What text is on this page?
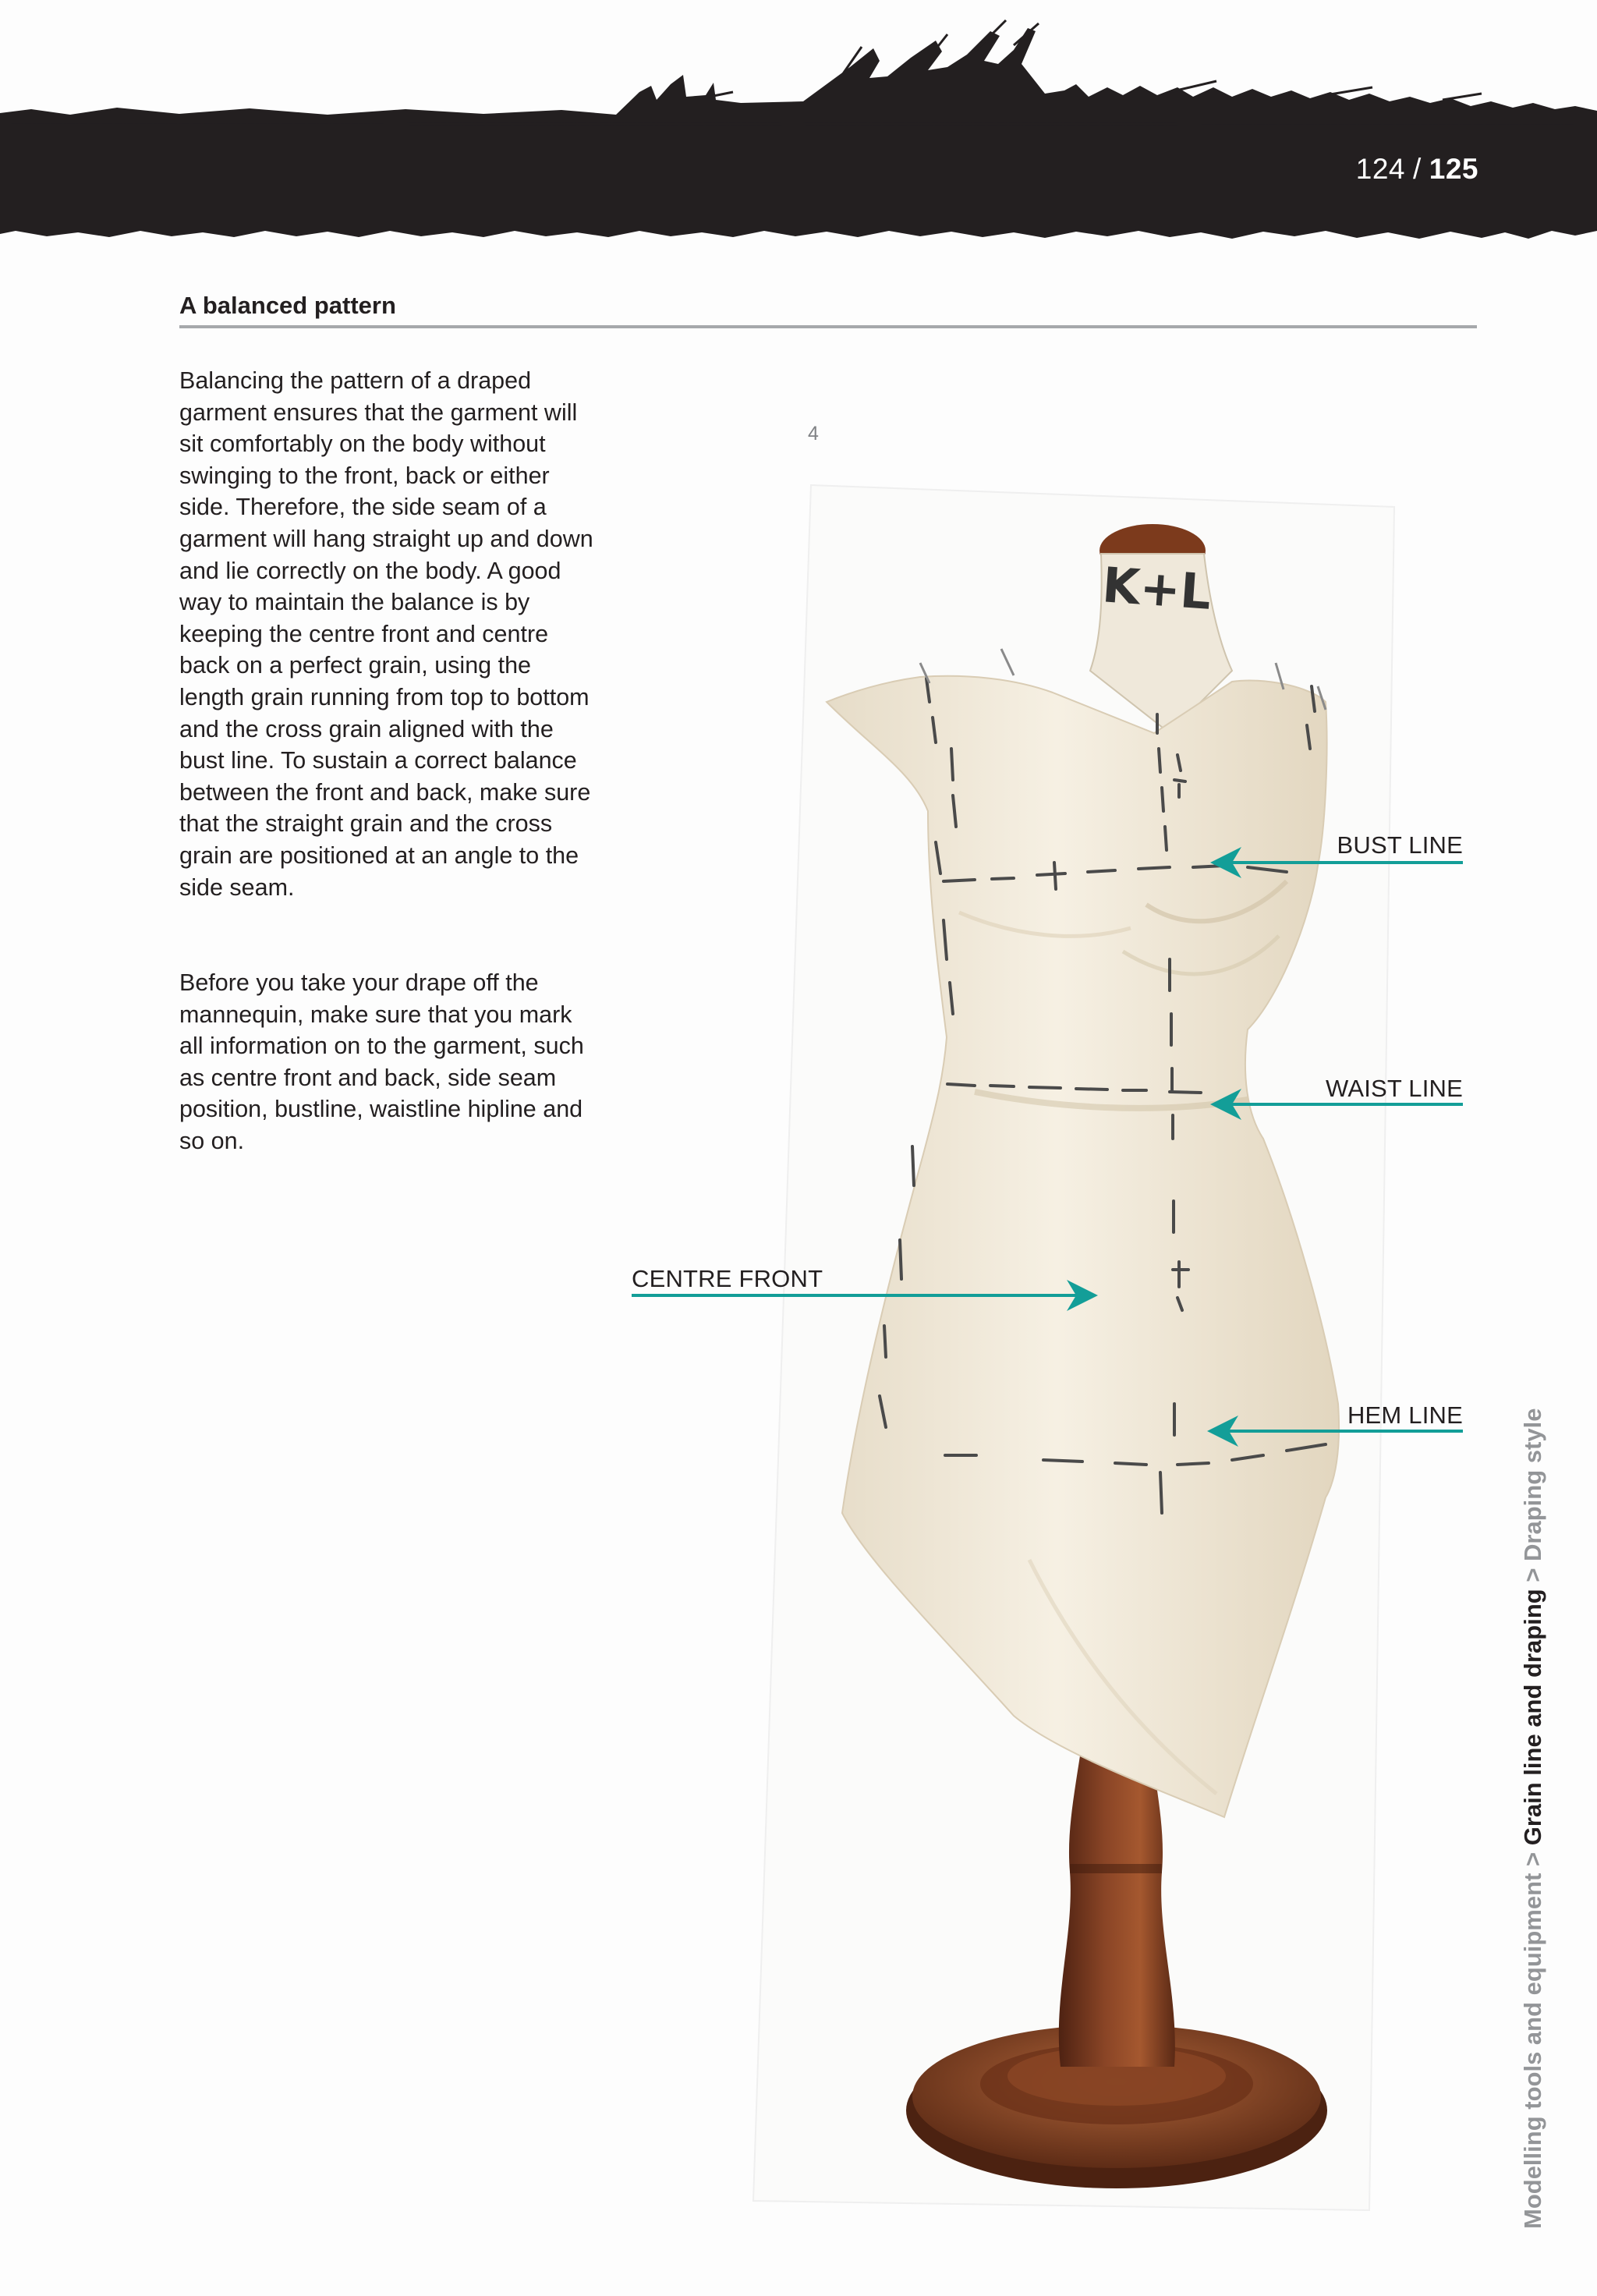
124 / 125
A balanced pattern

Balancing the pattern of a draped garment ensures that the garment will sit comfortably on the body without swinging to the front, back or either side. Therefore, the side seam of a garment will hang straight up and down and lie correctly on the body. A good way to maintain the balance is by keeping the centre front and centre back on a perfect grain, using the length grain running from top to bottom and the cross grain aligned with the bust line. To sustain a correct balance between the front and back, make sure that the straight grain and the cross grain are positioned at an angle to the side seam.

Before you take your drape off the mannequin, make sure that you mark all information on to the garment, such as centre front and back, side seam position, bustline, waistline hipline and so on.

4
K+L
BUST LINE
WAIST LINE
CENTRE FRONT
HEM LINE
Modelling tools and equipment > Grain line and draping > Draping style
